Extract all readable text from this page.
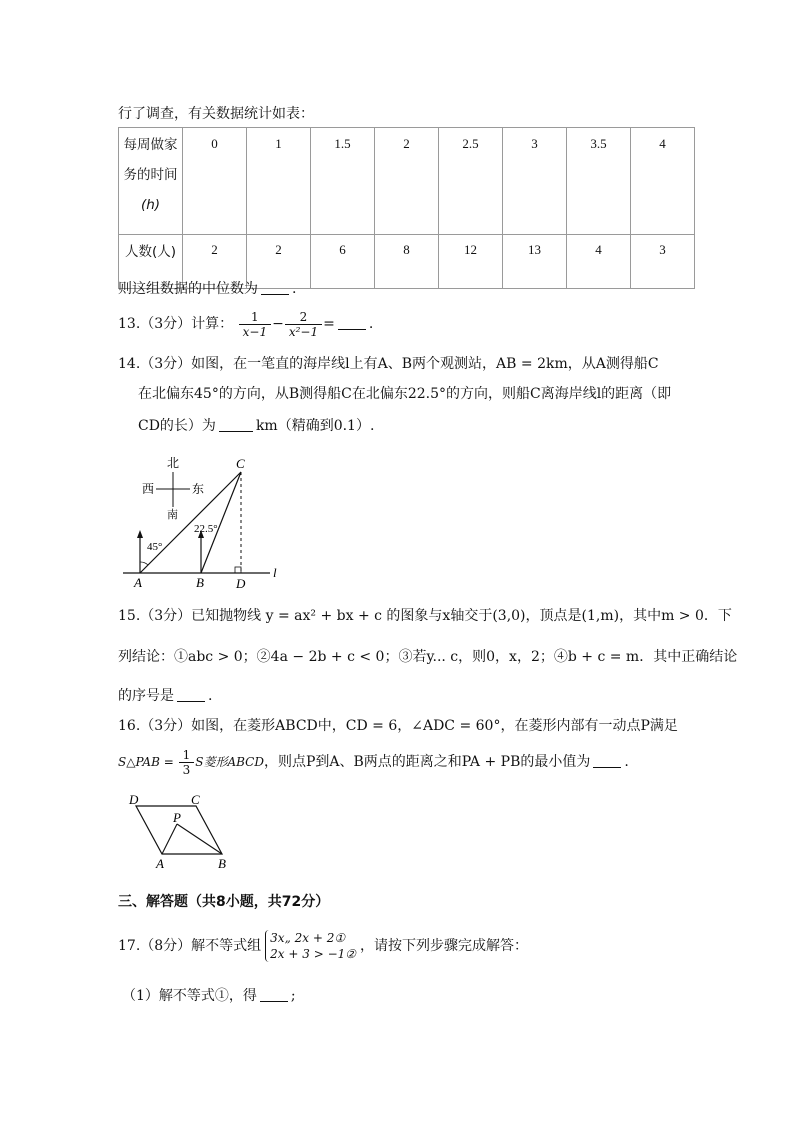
行了调查，有关数据统计如表：
每周做家
务的时间
(h)	0	1	1.5	2	2.5	3	3.5	4
人数(人)	2	2	6	8	12	13	4	3
则这组数据的中位数为 .
13.（3分）计算： $\frac{1}{x-1} - \frac{2}{\text{x²−1}}$ = .
14.（3分）如图，在一笔直的海岸线l上有A、B两个观测站，AB = 2km，从A测得船C
在北偏东45°的方向，从B测得船C在北偏东22.5°的方向，则船C离海岸线l的距离（即
CD的长）为	km（精确到0.1）.
北
南
西	东
45°
22.5°
A	B
C
D
l
15.（3分）已知抛物线 y = ax² + bx + c 的图象与x轴交于(3,0)，顶点是(1,m)，其中m > 0．下
列结论：①abc > 0；②4a − 2b + c < 0；③若y... c，则0，x，2；④b + c = m．其中正确结论
的序号是 .
16.（3分）如图，在菱形ABCD中，CD = 6，∠ADC = 60°，在菱形内部有一动点P满足
S△PAB = $\frac{1}{3}$ S菱形ABCD，则点P到A、B两点的距离之和PA + PB的最小值为 .
D	C
P
A	B
三、解答题（共8小题，共72分）
17.（8分）解不等式组 3x„ 2x + 2①
2x + 3 > −1② ，请按下列步骤完成解答：
（1）解不等式①，得 ;
